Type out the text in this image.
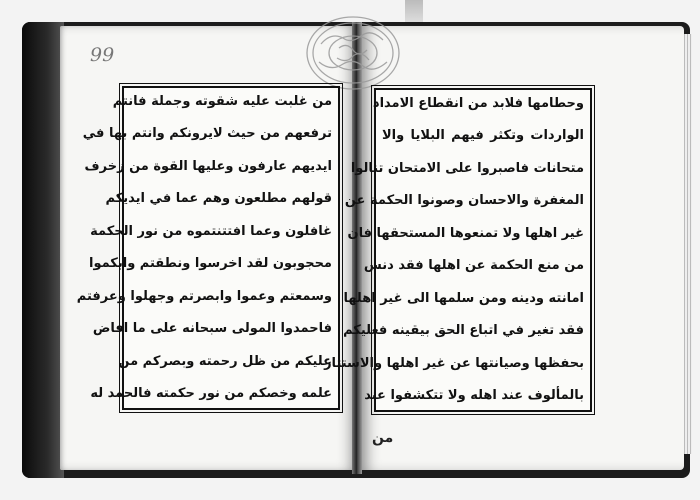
99
من غلبت عليه شقوته وجملة فانتم
ترفعهم من حيث لايرونكم وانتم بها في
ايديهم عارفون وعليها القوة من زخرف
قولهم مطلعون وهم عما في ايديكم
غافلون وعما افتتنتموه من نور الحكمة
محجوبون لقد اخرسوا ونطقتم وابكموا
وسمعتم وعموا وابصرتم وجهلوا وعرفتم
فاحمدوا المولى سبحانه على ما افاض
عليكم من ظل رحمته وبصركم من
علمه وخصكم من نور حكمته فالحمد له
وحطامها فلابد من انقطاع الامداد
الواردات وتكثر فيهم البلايا والا
متحانات فاصبروا على الامتحان تنالوا
المغفرة والاحسان وصونوا الحكمة عن
غير اهلها ولا تمنعوها المستحقها فان
من منع الحكمة عن اهلها فقد دنس
امانته ودينه ومن سلمها الى غير اهلها
فقد تغير في اتباع الحق بيقينه فعليكم
بحفظها وصيانتها عن غير اهلها والاستتار
بالمألوف عند اهله ولا تتكشفوا عند
من
